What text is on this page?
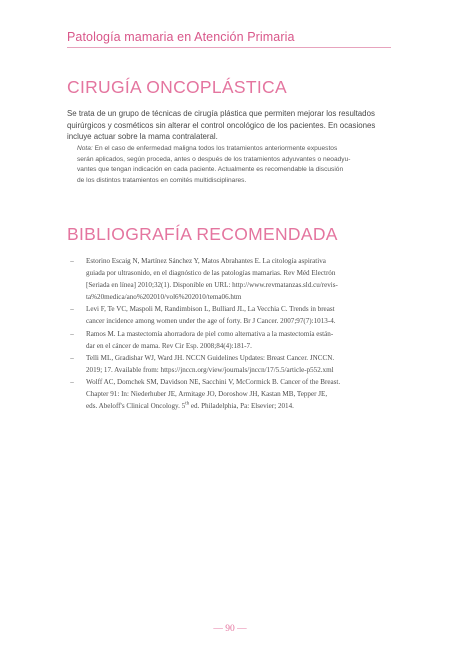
Patología mamaria en Atención Primaria
CIRUGÍA ONCOPLÁSTICA

Se trata de un grupo de técnicas de cirugía plástica que permiten mejorar los resultados

quirúrgicos y cosméticos sin alterar el control oncológico de los pacientes. En ocasiones

incluye actuar sobre la mama contralateral.

Nota: En el caso de enfermedad maligna todos los tratamientos anteriormente expuestos

serán aplicados, según proceda, antes o después de los tratamientos adyuvantes o neoadyu-

vantes que tengan indicación en cada paciente. Actualmente es recomendable la discusión

de los distintos tratamientos en comités multidisciplinares.

BIBLIOGRAFÍA RECOMENDADA
–	Estorino Escaig N, Martínez Sánchez Y, Matos Abrahantes E. La citología aspirativa
guiada por ultrasonido, en el diagnóstico de las patologías mamarias. Rev Méd Electrón
[Seriada en línea] 2010;32(1). Disponible en URL: http://www.revmatanzas.sld.cu/revis-
ta%20medica/ano%202010/vol6%202010/tema06.htm
–	Levi F, Te VC, Maspoli M, Randimbison L, Bulliard JL, La Vecchia C. Trends in breast
cancer incidence among women under the age of forty. Br J Cancer. 2007;97(7):1013-4.
–	Ramos M. La mastectomía ahorradora de piel como alternativa a la mastectomía están-
dar en el cáncer de mama. Rev Cir Esp. 2008;84(4):181-7.
–	Telli ML, Gradishar WJ, Ward JH. NCCN Guidelines Updates: Breast Cancer. JNCCN.
2019; 17. Available from: https://jnccn.org/view/journals/jnccn/17/5.5/article-p552.xml
–	Wolff AC, Domchek SM, Davidson NE, Sacchini V, McCormick B. Cancer of the Breast.
Chapter 91: In: Niederhuber JE, Armitage JO, Doroshow JH, Kastan MB, Tepper JE,
eds. Abeloff's Clinical Oncology. 5th ed. Philadelphia, Pa: Elsevier; 2014.
— 90 —
